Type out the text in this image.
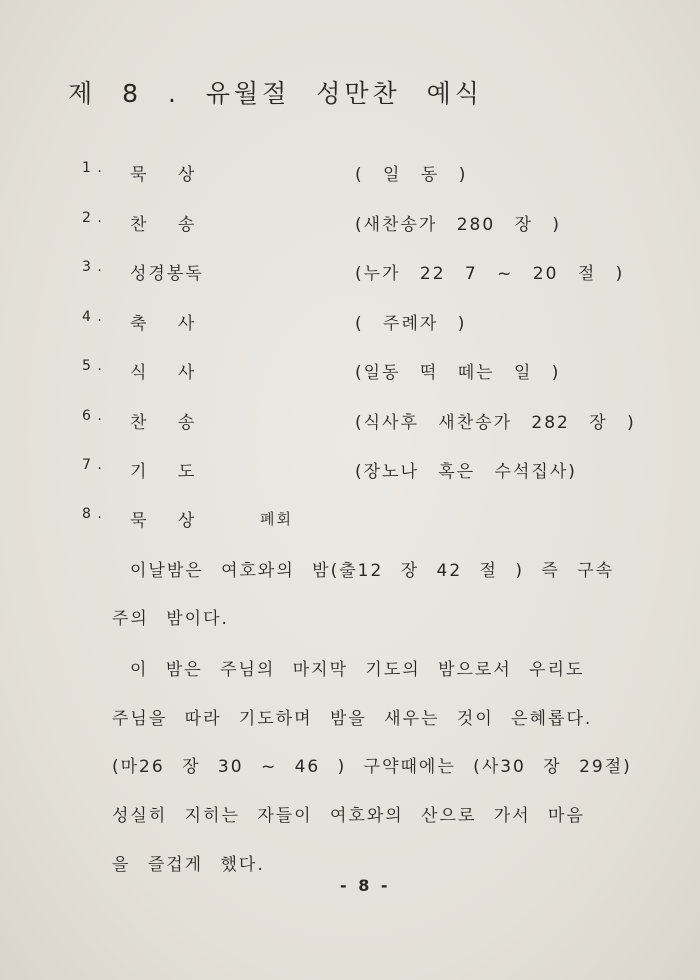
제 8 . 유월절 성만찬 예식
1 . 묵 상	( 일 동 )
2 . 찬 송	(새찬송가 280 장 )
3 . 성경봉독	(누가 22 7 ~ 20 절 )
4 . 축 사	( 주례자 )
5 . 식 사	(일동 떡 떼는 일 )
6 . 찬 송	(식사후 새찬송가 282 장 )
7 . 기 도	(장노나 혹은 수석집사)
8 . 묵 상	폐회
이날밤은 여호와의 밤(출12 장 42 절 ) 즉 구속
주의 밤이다.
이 밤은 주님의 마지막 기도의 밤으로서 우리도
주님을 따라 기도하며 밤을 새우는 것이 은혜롭다.
(마26 장 30 ~ 46 ) 구약때에는 (사30 장 29절)
성실히 지히는 자들이 여호와의 산으로 가서 마음
을 즐겁게 했다.
- 8 -
